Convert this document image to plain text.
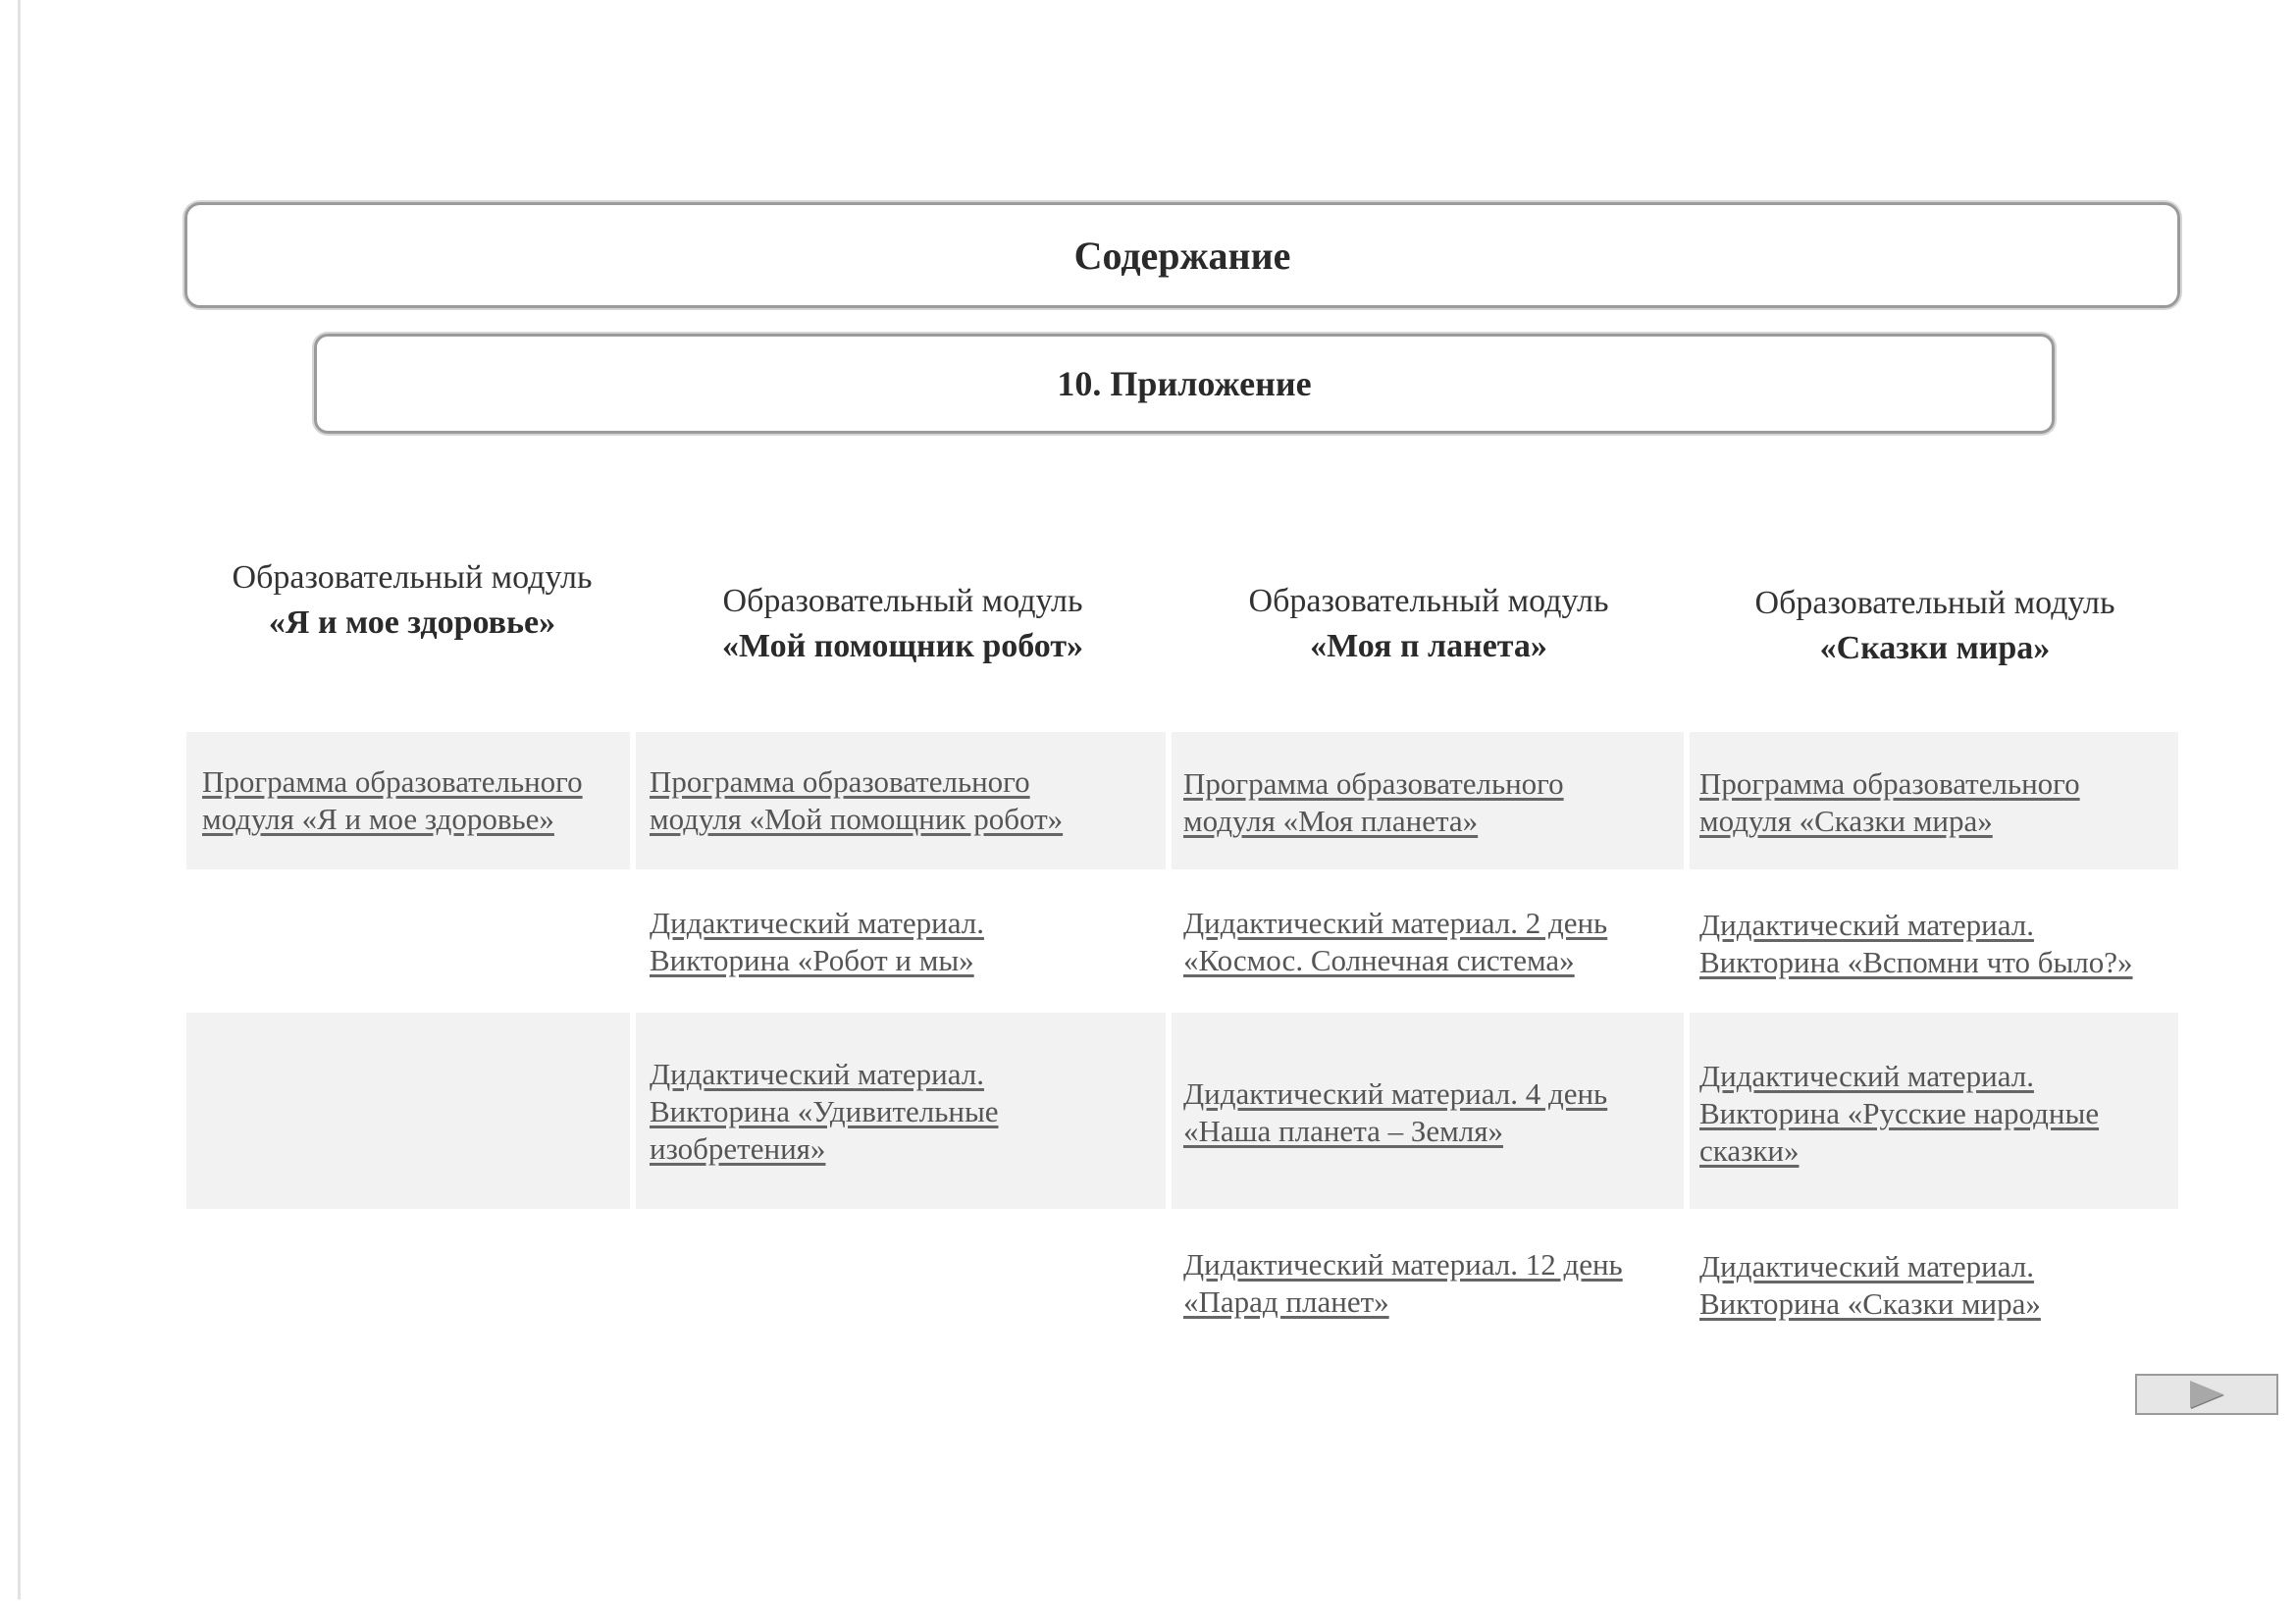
Содержание
10. Приложение
Образовательный модуль
«Я и мое здоровье»
Образовательный модуль
«Мой помощник робот»
Образовательный модуль
«Моя п ланета»
Образовательный модуль
«Сказки мира»
Программа образовательного
модуля «Я и мое здоровье»
Программа образовательного
модуля «Мой помощник робот»
Дидактический материал.
Викторина «Робот и мы»
Дидактический материал.
Викторина «Удивительные
изобретения»
Программа образовательного
модуля «Моя планета»
Дидактический материал. 2 день
«Космос. Солнечная система»
Дидактический материал. 4 день
«Наша планета – Земля»
Дидактический материал. 12 день
«Парад планет»
Программа образовательного
модуля «Сказки мира»
Дидактический материал.
Викторина «Вспомни что было?»
Дидактический материал.
Викторина «Русские народные
сказки»
Дидактический материал.
Викторина «Сказки мира»
